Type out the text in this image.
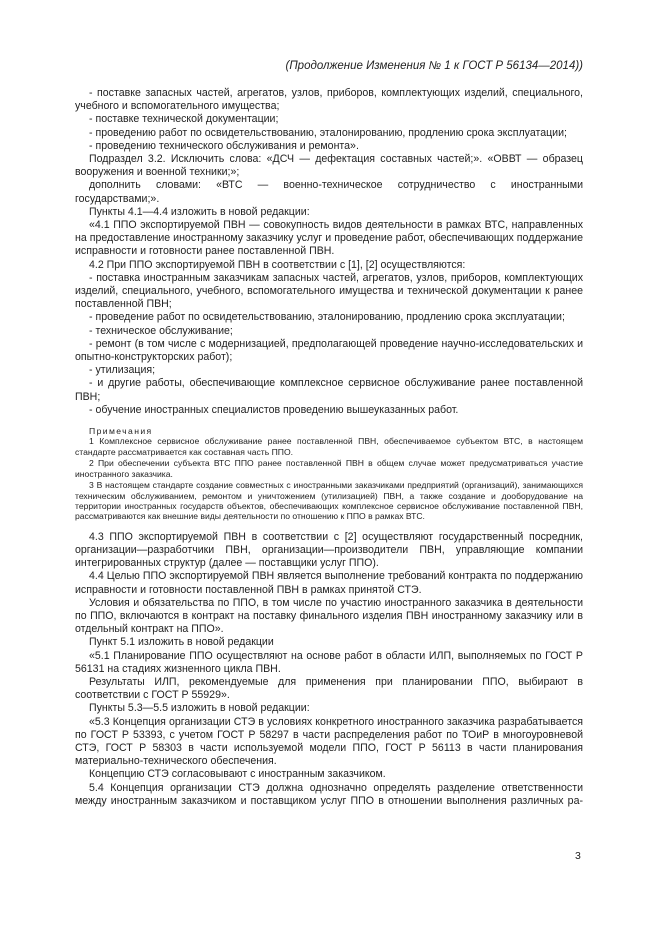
(Продолжение Изменения № 1 к ГОСТ Р 56134—2014))

- поставке запасных частей, агрегатов, узлов, приборов, комплектующих изделий, специального, учебного и вспомогательного имущества;

- поставке технической документации;

- проведению работ по освидетельствованию, эталонированию, продлению срока эксплуатации;

- проведению технического обслуживания и ремонта».

Подраздел 3.2. Исключить слова: «ДСЧ — дефектация составных частей;». «ОВВТ — образец вооружения и военной техники;»;

дополнить словами: «ВТС — военно-техническое сотрудничество с иностранными государствами;».

Пункты 4.1—4.4 изложить в новой редакции:

«4.1 ППО экспортируемой ПВН — совокупность видов деятельности в рамках ВТС, направленных на предоставление иностранному заказчику услуг и проведение работ, обеспечивающих поддержание исправности и готовности ранее поставленной ПВН.

4.2 При ППО экспортируемой ПВН в соответствии с [1], [2] осуществляются:

- поставка иностранным заказчикам запасных частей, агрегатов, узлов, приборов, комплектующих изделий, специального, учебного, вспомогательного имущества и технической документации к ранее поставленной ПВН;

- проведение работ по освидетельствованию, эталонированию, продлению срока эксплуатации;

- техническое обслуживание;

- ремонт (в том числе с модернизацией, предполагающей проведение научно-исследовательских и опытно-конструкторских работ);

- утилизация;

- и другие работы, обеспечивающие комплексное сервисное обслуживание ранее поставленной ПВН;

- обучение иностранных специалистов проведению вышеуказанных работ.

Примечания

1 Комплексное сервисное обслуживание ранее поставленной ПВН, обеспечиваемое субъектом ВТС, в настоящем стандарте рассматривается как составная часть ППО.

2 При обеспечении субъекта ВТС ППО ранее поставленной ПВН в общем случае может предусматриваться участие иностранного заказчика.

3 В настоящем стандарте создание совместных с иностранными заказчиками предприятий (организаций), занимающихся техническим обслуживанием, ремонтом и уничтожением (утилизацией) ПВН, а также создание и дооборудование на территории иностранных государств объектов, обеспечивающих комплексное сервисное обслуживание поставленной ПВН, рассматриваются как внешние виды деятельности по отношению к ППО в рамках ВТС.

4.3 ППО экспортируемой ПВН в соответствии с [2] осуществляют государственный посредник, организации—разработчики ПВН, организации—производители ПВН, управляющие компании интегрированных структур (далее — поставщики услуг ППО).

4.4 Целью ППО экспортируемой ПВН является выполнение требований контракта по поддержанию исправности и готовности поставленной ПВН в рамках принятой СТЭ.

Условия и обязательства по ППО, в том числе по участию иностранного заказчика в деятельности по ППО, включаются в контракт на поставку финального изделия ПВН иностранному заказчику или в отдельный контракт на ППО».

Пункт 5.1 изложить в новой редакции

«5.1 Планирование ППО осуществляют на основе работ в области ИЛП, выполняемых по ГОСТ Р 56131 на стадиях жизненного цикла ПВН.

Результаты ИЛП, рекомендуемые для применения при планировании ППО, выбирают в соответствии с ГОСТ Р 55929».

Пункты 5.3—5.5 изложить в новой редакции:

«5.3 Концепция организации СТЭ в условиях конкретного иностранного заказчика разрабатывается по ГОСТ Р 53393, с учетом ГОСТ Р 58297 в части распределения работ по ТОиР в многоуровневой СТЭ, ГОСТ Р 58303 в части используемой модели ППО, ГОСТ Р 56113 в части планирования материально-технического обеспечения.

Концепцию СТЭ согласовывают с иностранным заказчиком.

5.4 Концепция организации СТЭ должна однозначно определять разделение ответственности между иностранным заказчиком и поставщиком услуг ППО в отношении выполнения различных ра-

3
